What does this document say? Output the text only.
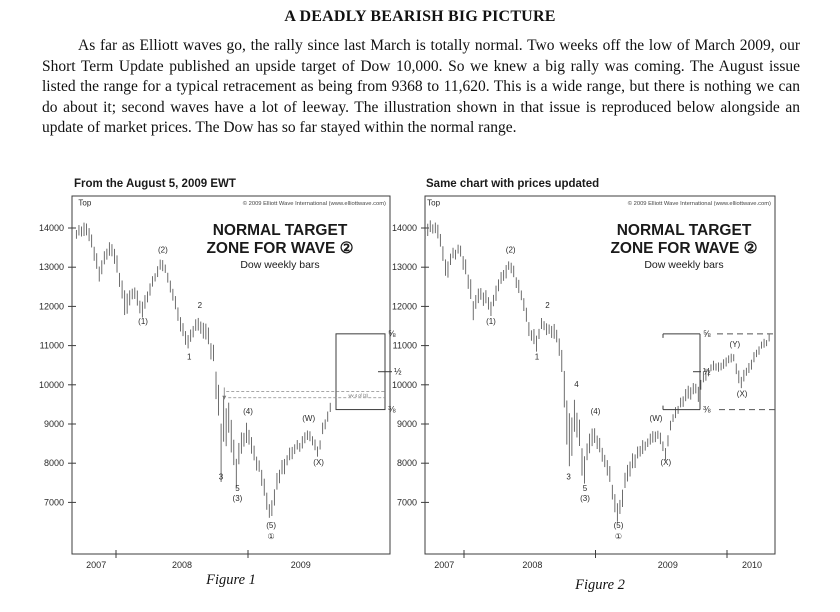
A DEADLY BEARISH BIG PICTURE
As far as Elliott waves go, the rally since last March is totally normal. Two weeks off the low of March 2009, our Short Term Update published an upside target of Dow 10,000. So we knew a big rally was coming. The August issue listed the range for a typical retracement as being from 9368 to 11,620. This is a wide range, but there is nothing we can do about it; second waves have a lot of leeway. The illustration shown in that issue is reproduced below alongside an update of market prices. The Dow has so far stayed within the normal range.
From the August 5, 2009 EWT	Same chart with prices updated
14000
13000
12000
11000
10000
9000
8000
7000
2007	2008	2009
© 2009 Elliott Wave International (www.elliottwave.com)
NORMAL TARGET
ZONE FOR WAVE ②
Dow weekly bars
Top
(1)
(2)
1
2
3
5
(3)
(4)
(5)
①
(W)
(X)
⅝
½
⅜
wv 4 of (3)
14000
13000
12000
11000
10000
9000
8000
7000
2007	2008	2009	2010
© 2009 Elliott Wave International (www.elliottwave.com)
NORMAL TARGET
ZONE FOR WAVE ②
Dow weekly bars
Top
(1)
(2)
1
2
3
4
5
(3)
(4)
(5)
①
(W)
(X)
(Y)
(X)
⅝
½
⅜
Figure 1	Figure 2
